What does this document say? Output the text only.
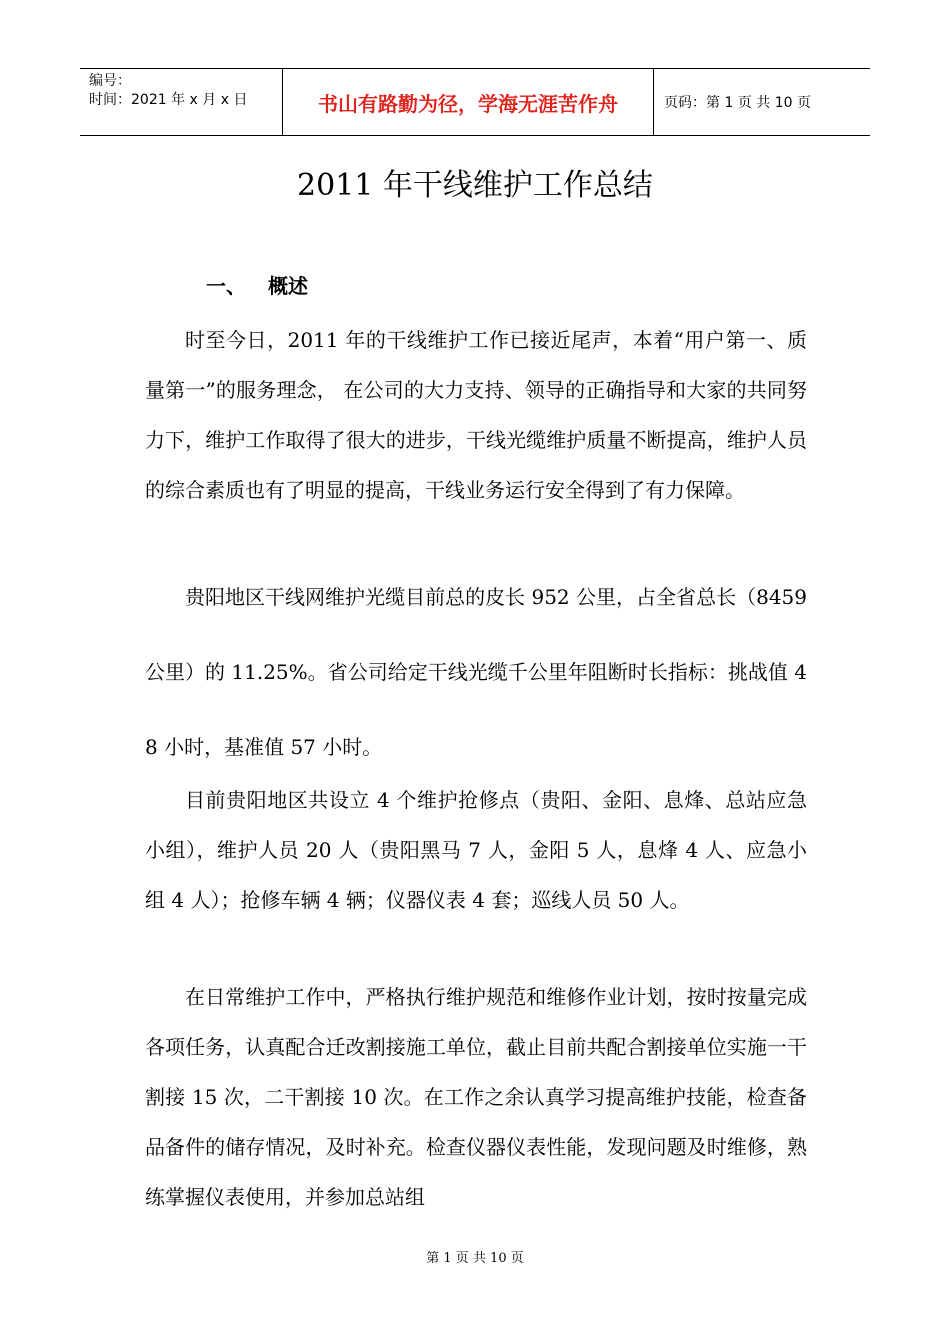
编号：
时间：2021 年 x 月 x 日	书山有路勤为径，学海无涯苦作舟	页码：第 1 页 共 10 页
2011 年干线维护工作总结
一、 概述

时至今日，2011 年的干线维护工作已接近尾声，本着“用户第一、质量第一”的服务理念， 在公司的大力支持、领导的正确指导和大家的共同努力下，维护工作取得了很大的进步，干线光缆维护质量不断提高，维护人员的综合素质也有了明显的提高，干线业务运行安全得到了有力保障。

贵阳地区干线网维护光缆目前总的皮长 952 公里，占全省总长（8459 公里）的 11.25%。省公司给定干线光缆千公里年阻断时长指标：挑战值 48 小时，基准值 57 小时。

目前贵阳地区共设立 4 个维护抢修点（贵阳、金阳、息烽、总站应急小组），维护人员 20 人（贵阳黑马 7 人，金阳 5 人，息烽 4 人、应急小组 4 人）；抢修车辆 4 辆；仪器仪表 4 套；巡线人员 50 人。

在日常维护工作中，严格执行维护规范和维修作业计划，按时按量完成各项任务，认真配合迁改割接施工单位，截止目前共配合割接单位实施一干割接 15 次，二干割接 10 次。在工作之余认真学习提高维护技能，检查备品备件的储存情况，及时补充。检查仪器仪表性能，发现问题及时维修，熟练掌握仪表使用，并参加总站组

第 1 页 共 10 页
